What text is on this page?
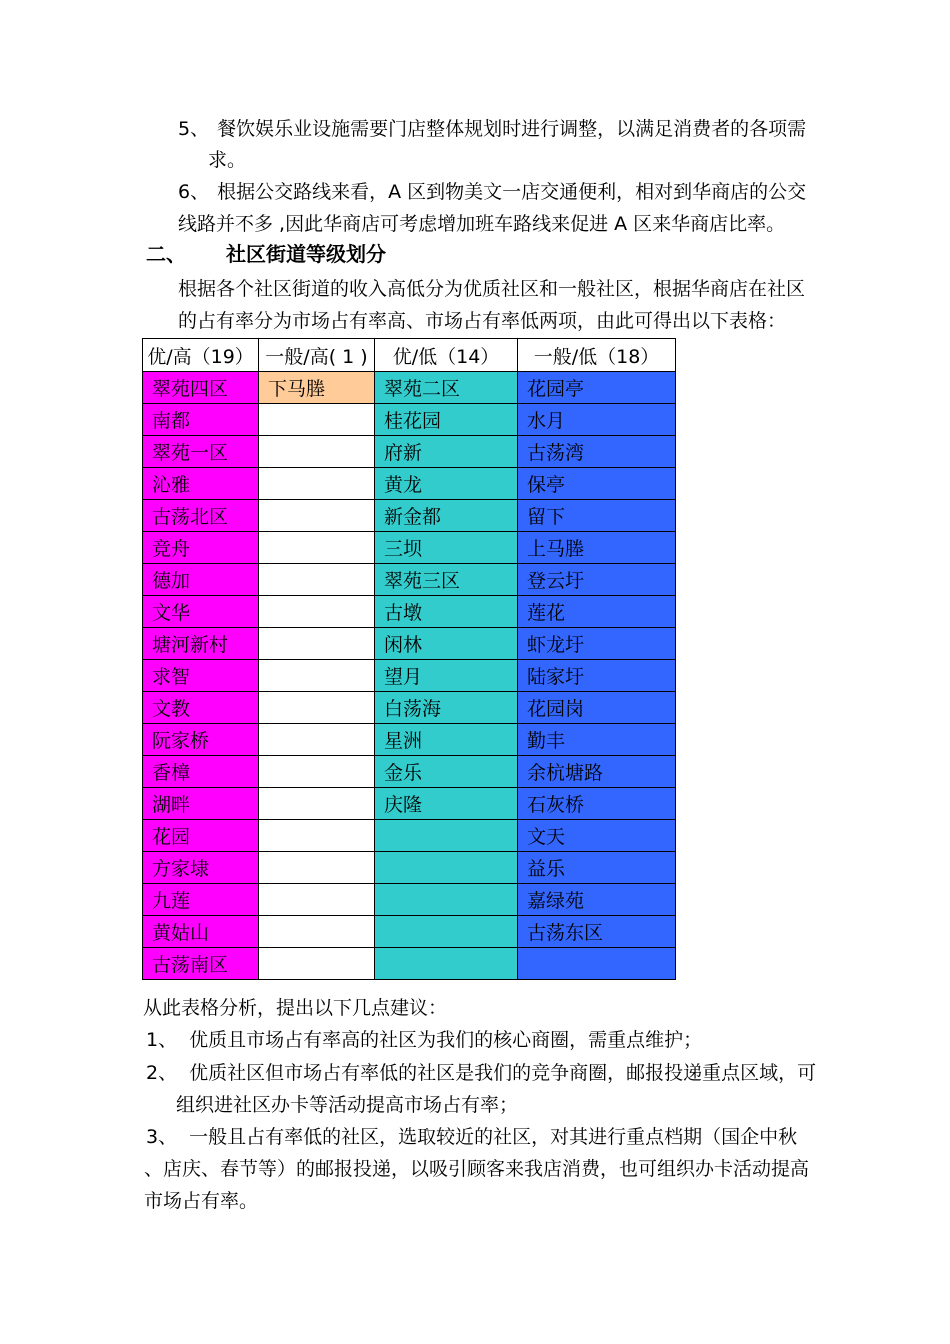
5、 餐饮娱乐业设施需要门店整体规划时进行调整，以满足消费者的各项需
求。
6、 根据公交路线来看，A 区到物美文一店交通便利，相对到华商店的公交
线路并不多 ,因此华商店可考虑增加班车路线来促进 A 区来华商店比率。
二、 社区街道等级划分
根据各个社区街道的收入高低分为优质社区和一般社区，根据华商店在社区
的占有率分为市场占有率高、市场占有率低两项，由此可得出以下表格：
优/高（19）	一般/高( 1 )	优/低（14）	一般/低（18）
翠苑四区	下马塍	翠苑二区	花园亭
南都		桂花园	水月
翠苑一区		府新	古荡湾
沁雅		黄龙	保亭
古荡北区		新金都	留下
竞舟		三坝	上马塍
德加		翠苑三区	登云圩
文华		古墩	莲花
塘河新村		闲林	虾龙圩
求智		望月	陆家圩
文教		白荡海	花园岗
阮家桥		星洲	勤丰
香樟		金乐	余杭塘路
湖畔		庆隆	石灰桥
花园			文天
方家埭			益乐
九莲			嘉绿苑
黄姑山			古荡东区
古荡南区			
从此表格分析，提出以下几点建议：
1、 优质且市场占有率高的社区为我们的核心商圈，需重点维护；
2、 优质社区但市场占有率低的社区是我们的竞争商圈，邮报投递重点区域，可
组织进社区办卡等活动提高市场占有率；
3、 一般且占有率低的社区，选取较近的社区，对其进行重点档期（国企中秋
、店庆、春节等）的邮报投递，以吸引顾客来我店消费，也可组织办卡活动提高
市场占有率。
